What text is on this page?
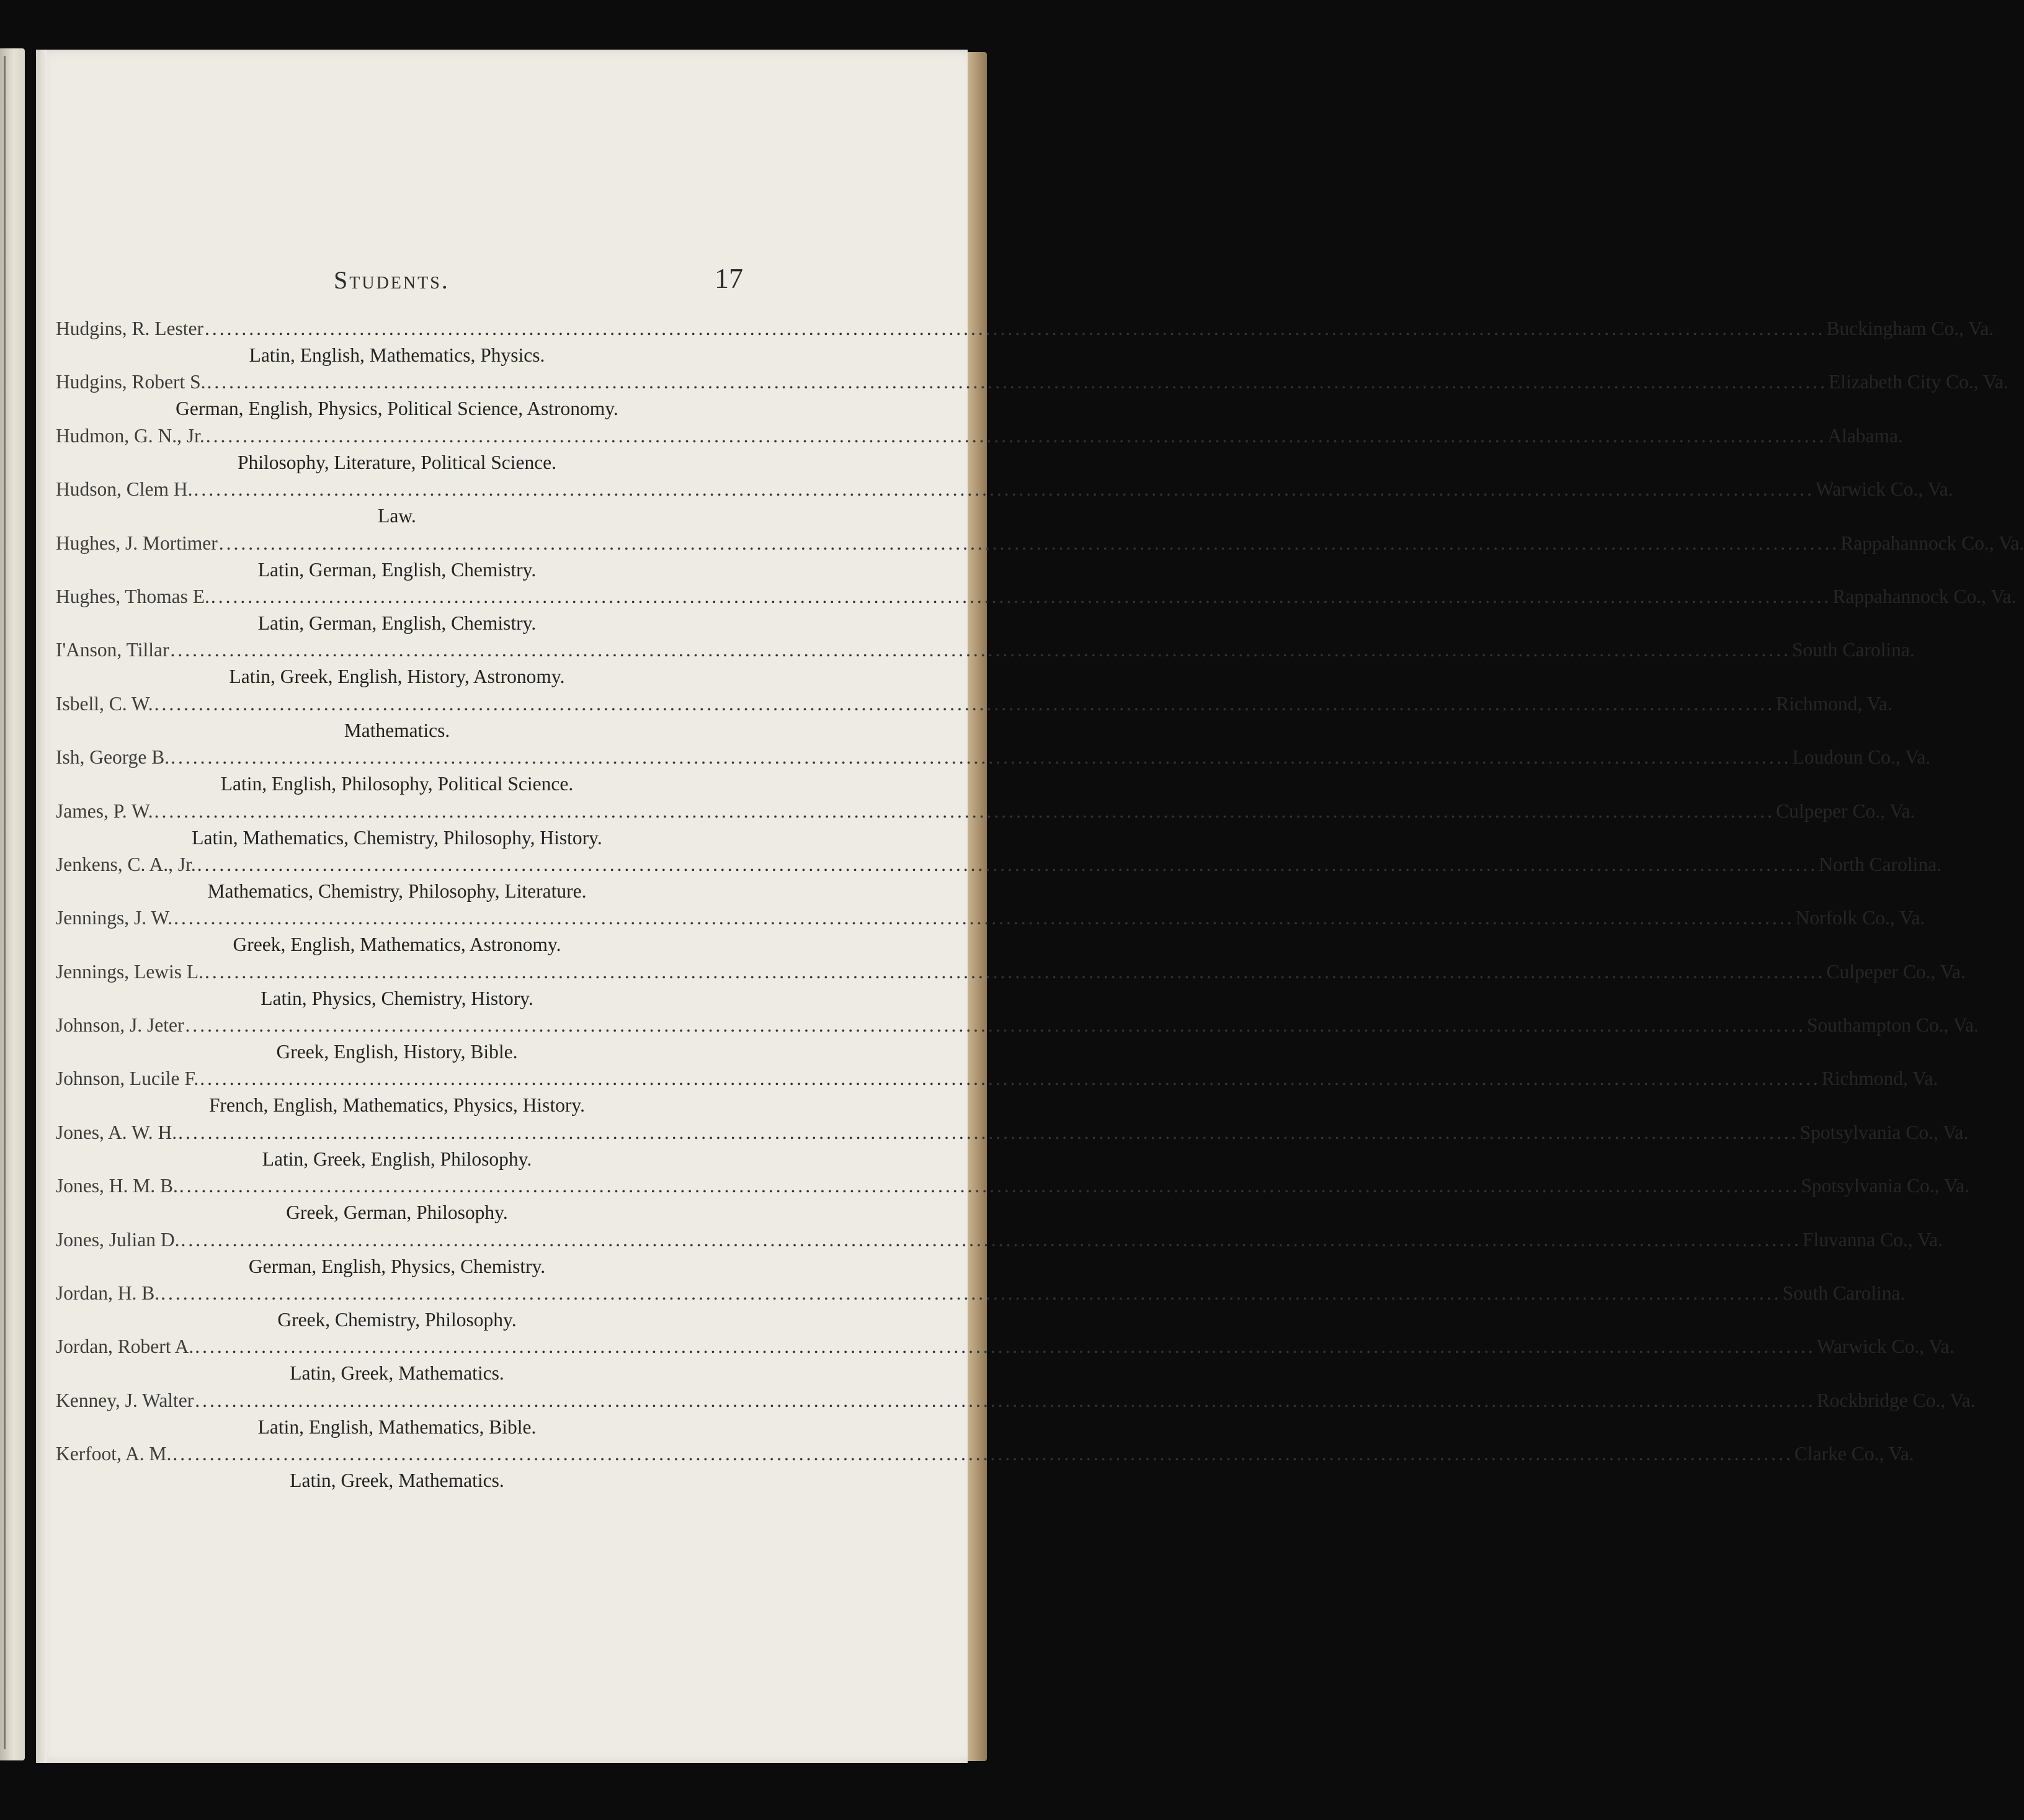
Students.	17
Hudgins, R. Lester ............................................................................................................................................................................................................................ Buckingham Co., Va.
Latin, English, Mathematics, Physics.
Hudgins, Robert S. ............................................................................................................................................................................................................................ Elizabeth City Co., Va.
German, English, Physics, Political Science, Astronomy.
Hudmon, G. N., Jr. ............................................................................................................................................................................................................................ Alabama.
Philosophy, Literature, Political Science.
Hudson, Clem H. ............................................................................................................................................................................................................................ Warwick Co., Va.
Law.
Hughes, J. Mortimer ............................................................................................................................................................................................................................ Rappahannock Co., Va.
Latin, German, English, Chemistry.
Hughes, Thomas E. ............................................................................................................................................................................................................................ Rappahannock Co., Va.
Latin, German, English, Chemistry.
I'Anson, Tillar ............................................................................................................................................................................................................................ South Carolina.
Latin, Greek, English, History, Astronomy.
Isbell, C. W. ............................................................................................................................................................................................................................ Richmond, Va.
Mathematics.
Ish, George B. ............................................................................................................................................................................................................................ Loudoun Co., Va.
Latin, English, Philosophy, Political Science.
James, P. W. ............................................................................................................................................................................................................................ Culpeper Co., Va.
Latin, Mathematics, Chemistry, Philosophy, History.
Jenkens, C. A., Jr. ............................................................................................................................................................................................................................ North Carolina.
Mathematics, Chemistry, Philosophy, Literature.
Jennings, J. W. ............................................................................................................................................................................................................................ Norfolk Co., Va.
Greek, English, Mathematics, Astronomy.
Jennings, Lewis L. ............................................................................................................................................................................................................................ Culpeper Co., Va.
Latin, Physics, Chemistry, History.
Johnson, J. Jeter ............................................................................................................................................................................................................................ Southampton Co., Va.
Greek, English, History, Bible.
Johnson, Lucile F. ............................................................................................................................................................................................................................ Richmond, Va.
French, English, Mathematics, Physics, History.
Jones, A. W. H. ............................................................................................................................................................................................................................ Spotsylvania Co., Va.
Latin, Greek, English, Philosophy.
Jones, H. M. B. ............................................................................................................................................................................................................................ Spotsylvania Co., Va.
Greek, German, Philosophy.
Jones, Julian D. ............................................................................................................................................................................................................................ Fluvanna Co., Va.
German, English, Physics, Chemistry.
Jordan, H. B. ............................................................................................................................................................................................................................ South Carolina.
Greek, Chemistry, Philosophy.
Jordan, Robert A. ............................................................................................................................................................................................................................ Warwick Co., Va.
Latin, Greek, Mathematics.
Kenney, J. Walter ............................................................................................................................................................................................................................ Rockbridge Co., Va.
Latin, English, Mathematics, Bible.
Kerfoot, A. M. ............................................................................................................................................................................................................................ Clarke Co., Va.
Latin, Greek, Mathematics.
